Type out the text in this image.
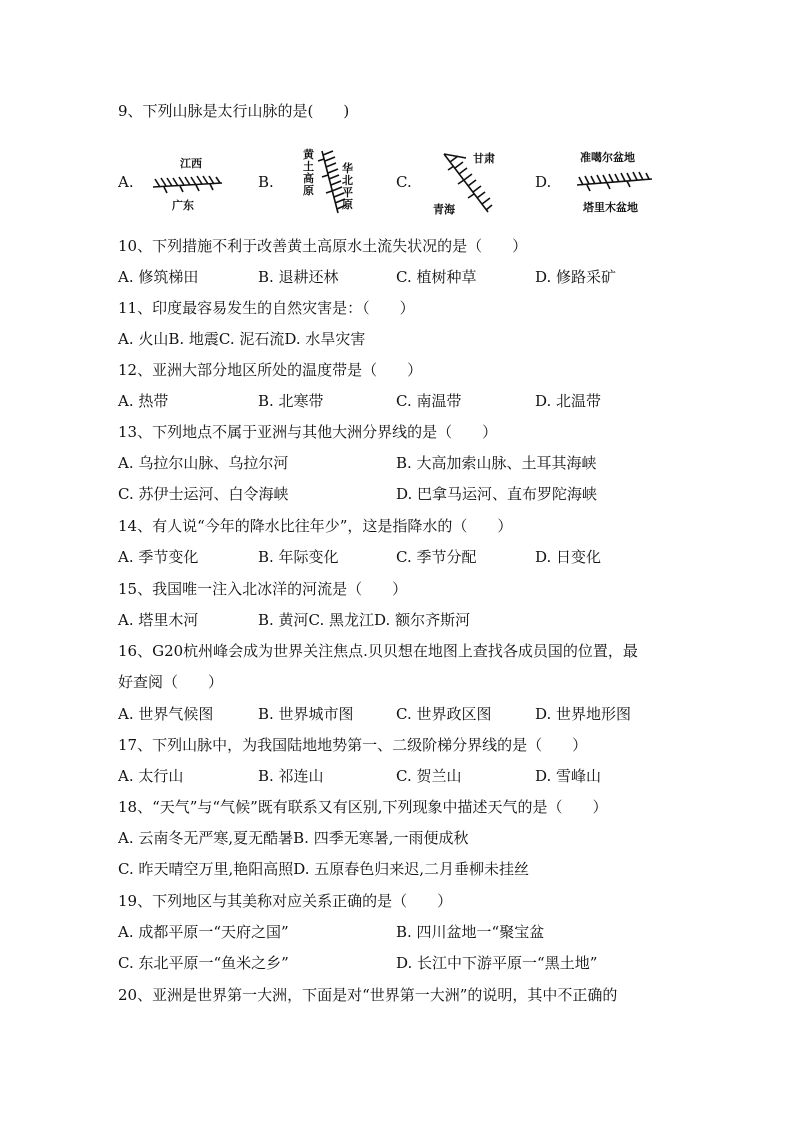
9、下列山脉是太行山脉的是(　　)
A.	B.	C.	D.
江西
广东
黄土高原
华北平原
甘肃
青海
准噶尔盆地
塔里木盆地
10、下列措施不利于改善黄土高原水土流失状况的是（　　）
A. 修筑梯田	B. 退耕还林	C. 植树种草	D. 修路采矿
11、印度最容易发生的自然灾害是：（　　）
A. 火山B. 地震C. 泥石流D. 水旱灾害
12、亚洲大部分地区所处的温度带是（　　）
A. 热带	B. 北寒带	C. 南温带	D. 北温带
13、下列地点不属于亚洲与其他大洲分界线的是（　　）
A. 乌拉尔山脉、乌拉尔河	B. 大高加索山脉、土耳其海峡
C. 苏伊士运河、白令海峡	D. 巴拿马运河、直布罗陀海峡
14、有人说“今年的降水比往年少”，这是指降水的（　　）
A. 季节变化	B. 年际变化	C. 季节分配	D. 日变化
15、我国唯一注入北冰洋的河流是（　　）
A. 塔里木河	B. 黄河C. 黑龙江D. 额尔齐斯河
16、G20杭州峰会成为世界关注焦点.贝贝想在地图上查找各成员国的位置，最
好查阅（　　）
A. 世界气候图	B. 世界城市图	C. 世界政区图	D. 世界地形图
17、下列山脉中，为我国陆地地势第一、二级阶梯分界线的是（　　）
A. 太行山	B. 祁连山	C. 贺兰山	D. 雪峰山
18、“天气”与“气候”既有联系又有区别,下列现象中描述天气的是（　　）
A. 云南冬无严寒,夏无酷暑B. 四季无寒暑,一雨便成秋
C. 昨天晴空万里,艳阳高照D. 五原春色归来迟,二月垂柳未挂丝
19、下列地区与其美称对应关系正确的是（　　）
A. 成都平原一“天府之国”	B. 四川盆地一“聚宝盆
C. 东北平原一“鱼米之乡”	D. 长江中下游平原一“黑土地”
20、亚洲是世界第一大洲，下面是对“世界第一大洲”的说明，其中不正确的
